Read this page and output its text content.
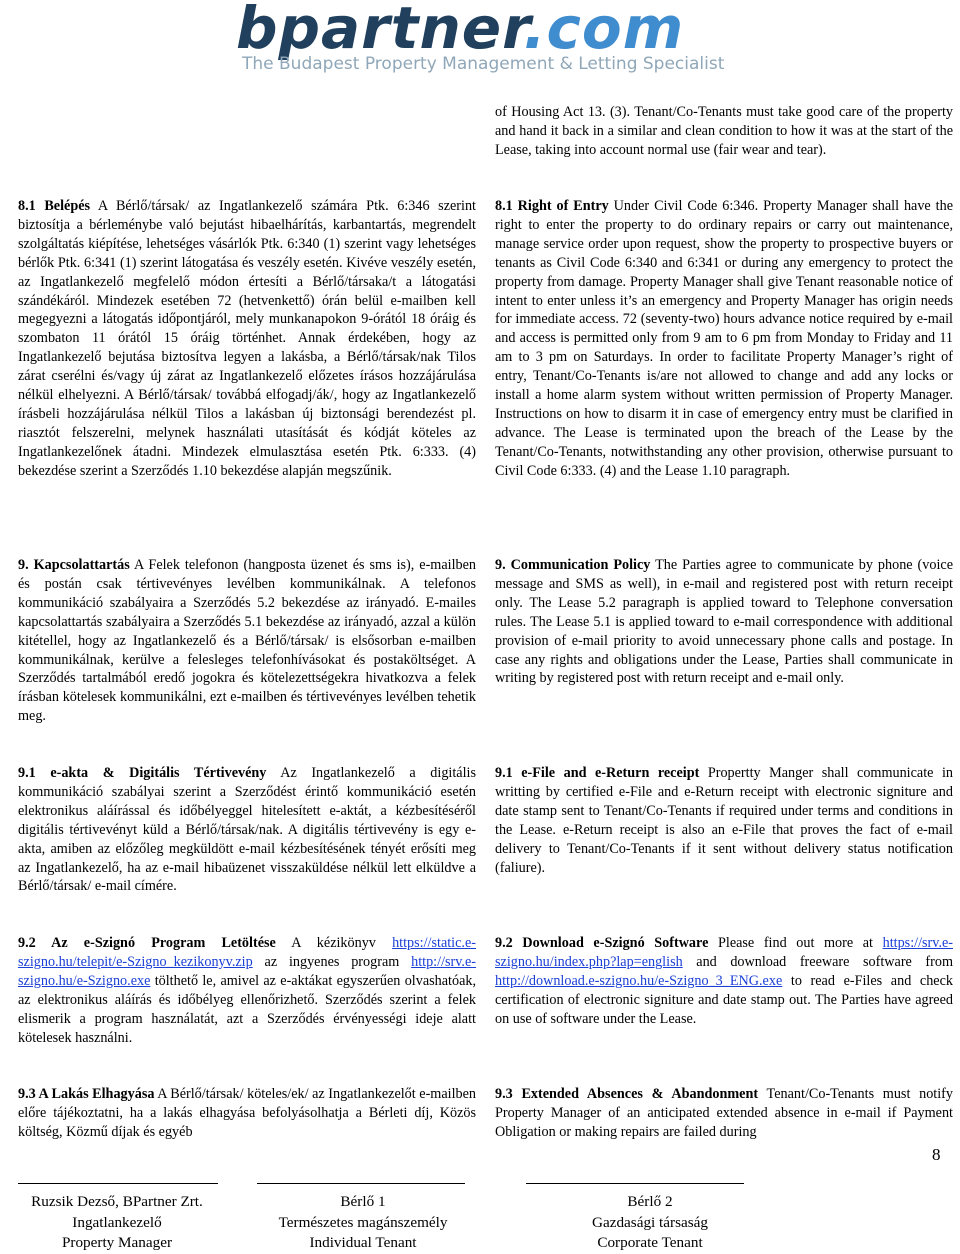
bpartner.com
The Budapest Property Management & Letting Specialist
of Housing Act 13. (3). Tenant/Co-Tenants must take good care of the property and hand it back in a similar and clean condition to how it was at the start of the Lease, taking into account normal use (fair wear and tear).
8.1 Belépés A Bérlő/társak/ az Ingatlankezelő számára Ptk. 6:346 szerint biztosítja a bérleménybe való bejutást hibaelhárítás, karbantartás, megrendelt szolgáltatás kiépítése, lehetséges vásárlók Ptk. 6:340 (1) szerint vagy lehetséges bérlők Ptk. 6:341 (1) szerint látogatása és veszély esetén. Kivéve veszély esetén, az Ingatlankezelő megfelelő módon értesíti a Bérlő/társaka/t a látogatási szándékáról. Mindezek esetében 72 (hetvenkettő) órán belül e-mailben kell megegyezni a látogatás időpontjáról, mely munkanapokon 9-órától 18 óráig és szombaton 11 órától 15 óráig történhet. Annak érdekében, hogy az Ingatlankezelő bejutása biztosítva legyen a lakásba, a Bérlő/társak/nak Tilos zárat cserélni és/vagy új zárat az Ingatlankezelő előzetes írásos hozzájárulása nélkül elhelyezni. A Bérlő/társak/ továbbá elfogadj/ák/, hogy az Ingatlankezelő írásbeli hozzájárulása nélkül Tilos a lakásban új biztonsági berendezést pl. riasztót felszerelni, melynek használati utasítását és kódját köteles az Ingatlankezelőnek átadni. Mindezek elmulasztása esetén Ptk. 6:333. (4) bekezdése szerint a Szerződés 1.10 bekezdése alapján megszűnik.
8.1 Right of Entry Under Civil Code 6:346. Property Manager shall have the right to enter the property to do ordinary repairs or carry out maintenance, manage service order upon request, show the property to prospective buyers or tenants as Civil Code 6:340 and 6:341 or during any emergency to protect the property from damage. Property Manager shall give Tenant reasonable notice of intent to enter unless it’s an emergency and Property Manager has origin needs for immediate access. 72 (seventy-two) hours advance notice required by e-mail and access is permitted only from 9 am to 6 pm from Monday to Friday and 11 am to 3 pm on Saturdays. In order to facilitate Property Manager’s right of entry, Tenant/Co-Tenants is/are not allowed to change and add any locks or install a home alarm system without written permission of Property Manager. Instructions on how to disarm it in case of emergency entry must be clarified in advance. The Lease is terminated upon the breach of the Lease by the Tenant/Co-Tenants, notwithstanding any other provision, otherwise pursuant to Civil Code 6:333. (4) and the Lease 1.10 paragraph.
9. Kapcsolattartás A Felek telefonon (hangposta üzenet és sms is), e-mailben és postán csak tértivevényes levélben kommunikálnak. A telefonos kommunikáció szabályaira a Szerződés 5.2 bekezdése az irányadó. E-mailes kapcsolattartás szabályaira a Szerződés 5.1 bekezdése az irányadó, azzal a külön kitétellel, hogy az Ingatlankezelő és a Bérlő/társak/ is elsősorban e-mailben kommunikálnak, kerülve a felesleges telefonhívásokat és postaköltséget. A Szerződés tartalmából eredő jogokra és kötelezettségekra hivatkozva a felek írásban kötelesek kommunikálni, ezt e-mailben és tértivevényes levélben tehetik meg.
9. Communication Policy The Parties agree to communicate by phone (voice message and SMS as well), in e-mail and registered post with return receipt only. The Lease 5.2 paragraph is applied toward to Telephone conversation rules. The Lease 5.1 is applied toward to e-mail correspondence with additional provision of e-mail priority to avoid unnecessary phone calls and postage. In case any rights and obligations under the Lease, Parties shall communicate in writing by registered post with return receipt and e-mail only.
9.1 e-akta & Digitális Tértivevény Az Ingatlankezelő a digitális kommunikáció szabályai szerint a Szerződést érintő kommunikáció esetén elektronikus aláírással és időbélyeggel hitelesített e-aktát, a kézbesítéséről digitális tértivevényt küld a Bérlő/társak/nak. A digitális tértivevény is egy e-akta, amiben az előzőleg megküldött e-mail kézbesítésének tényét erősíti meg az Ingatlankezelő, ha az e-mail hibaüzenet visszaküldése nélkül lett elküldve a Bérlő/társak/ e-mail címére.
9.1 e-File and e-Return receipt Propertty Manger shall communicate in writting by certified e-File and e-Return receipt with electronic signiture and date stamp sent to Tenant/Co-Tenants if required under terms and conditions in the Lease. e-Return receipt is also an e-File that proves the fact of e-mail delivery to Tenant/Co-Tenants if it sent without delivery status notification (faliure).
9.2 Az e-Szignó Program Letöltése A kézikönyv https://static.e-szigno.hu/telepit/e-Szigno_kezikonyv.zip az ingyenes program http://srv.e-szigno.hu/e-Szigno.exe tölthető le, amivel az e-aktákat egyszerűen olvashatóak, az elektronikus aláírás és időbélyeg ellenőrizhető. Szerződés szerint a felek elismerik a program használatát, azt a Szerződés érvényességi ideje alatt kötelesek használni.
9.2 Download e-Szignó Software Please find out more at https://srv.e-szigno.hu/index.php?lap=english and download freeware software from http://download.e-szigno.hu/e-Szigno_3_ENG.exe to read e-Files and check certification of electronic signiture and date stamp out. The Parties have agreed on use of software under the Lease.
9.3 A Lakás Elhagyása A Bérlő/társak/ köteles/ek/ az Ingatlankezelőt e-mailben előre tájékoztatni, ha a lakás elhagyása befolyásolhatja a Bérleti díj, Közös költség, Közmű díjak és egyéb
9.3 Extended Absences & Abandonment Tenant/Co-Tenants must notify Property Manager of an anticipated extended absence in e-mail if Payment Obligation or making repairs are failed during
8
Ruzsik Dezső, BPartner Zrt.
Ingatlankezelő
Property Manager
Bérlő 1
Természetes magánszemély
Individual Tenant
Bérlő 2
Gazdasági társaság
Corporate Tenant
